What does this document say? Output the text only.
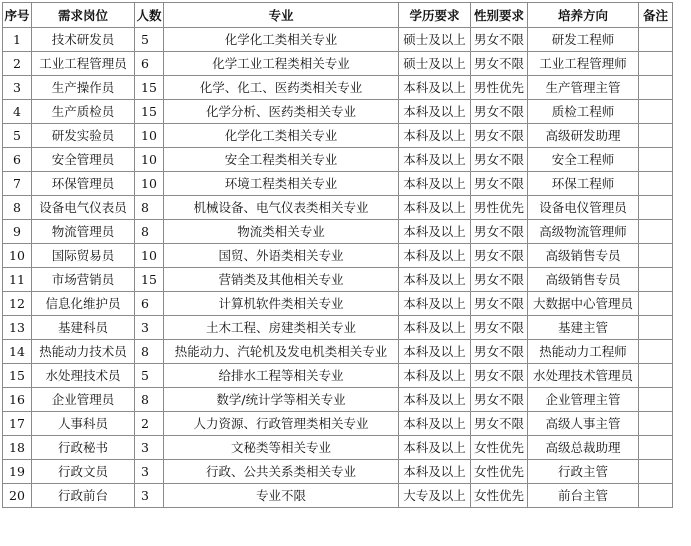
序号	需求岗位	人数	专业	学历要求	性别要求	培养方向	备注
1	技术研发员	5	化学化工类相关专业	硕士及以上	男女不限	研发工程师	
2	工业工程管理员	6	化学工业工程类相关专业	硕士及以上	男女不限	工业工程管理师	
3	生产操作员	15	化学、化工、医药类相关专业	本科及以上	男性优先	生产管理主管	
4	生产质检员	15	化学分析、医药类相关专业	本科及以上	男女不限	质检工程师	
5	研发实验员	10	化学化工类相关专业	本科及以上	男女不限	高级研发助理	
6	安全管理员	10	安全工程类相关专业	本科及以上	男女不限	安全工程师	
7	环保管理员	10	环境工程类相关专业	本科及以上	男女不限	环保工程师	
8	设备电气仪表员	8	机械设备、电气仪表类相关专业	本科及以上	男性优先	设备电仪管理员	
9	物流管理员	8	物流类相关专业	本科及以上	男女不限	高级物流管理师	
10	国际贸易员	10	国贸、外语类相关专业	本科及以上	男女不限	高级销售专员	
11	市场营销员	15	营销类及其他相关专业	本科及以上	男女不限	高级销售专员	
12	信息化维护员	6	计算机软件类相关专业	本科及以上	男女不限	大数据中心管理员	
13	基建科员	3	土木工程、房建类相关专业	本科及以上	男女不限	基建主管	
14	热能动力技术员	8	热能动力、汽轮机及发电机类相关专业	本科及以上	男女不限	热能动力工程师	
15	水处理技术员	5	给排水工程等相关专业	本科及以上	男女不限	水处理技术管理员	
16	企业管理员	8	数学/统计学等相关专业	本科及以上	男女不限	企业管理主管	
17	人事科员	2	人力资源、行政管理类相关专业	本科及以上	男女不限	高级人事主管	
18	行政秘书	3	文秘类等相关专业	本科及以上	女性优先	高级总裁助理	
19	行政文员	3	行政、公共关系类相关专业	本科及以上	女性优先	行政主管	
20	行政前台	3	专业不限	大专及以上	女性优先	前台主管	
